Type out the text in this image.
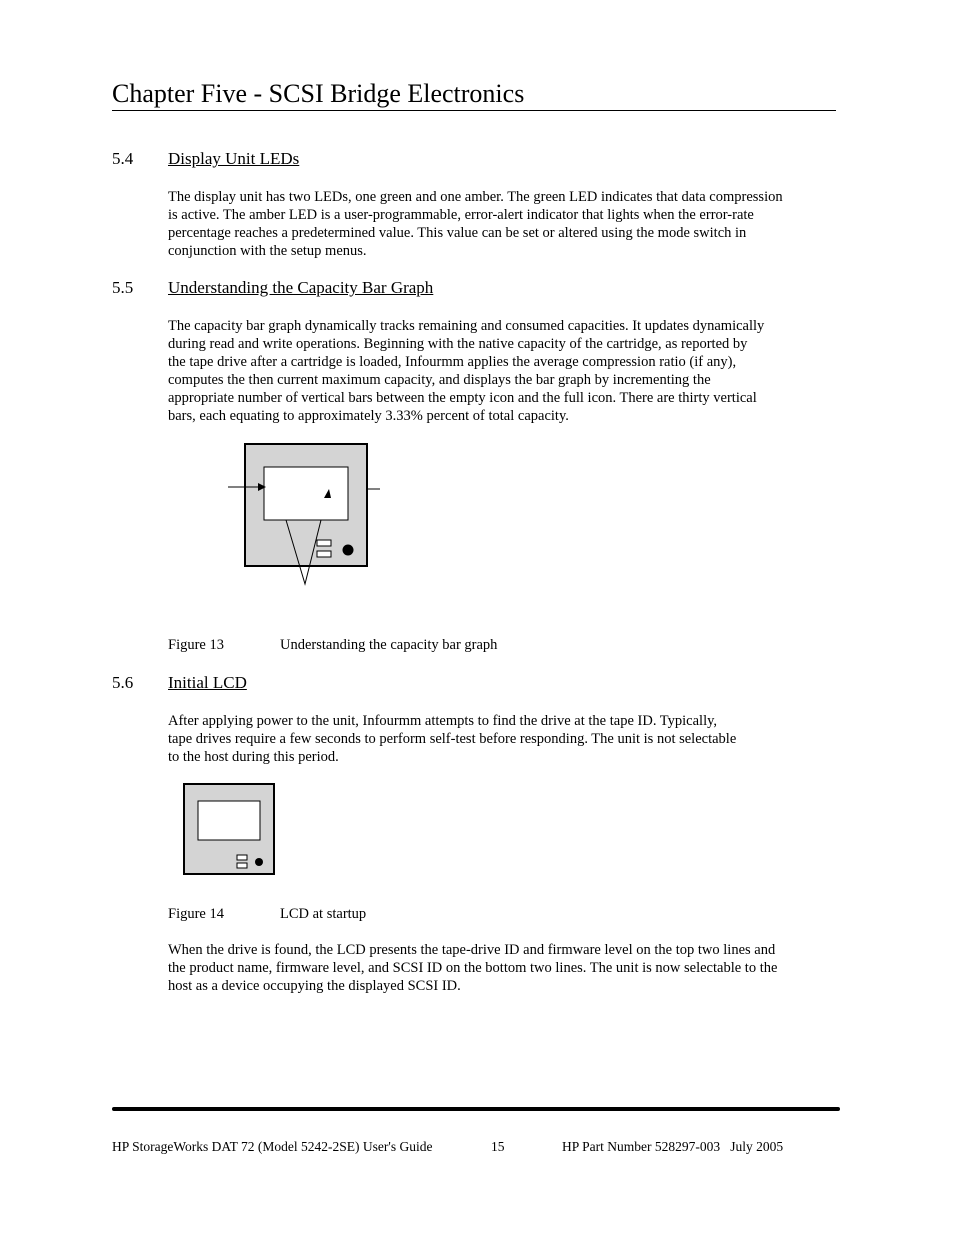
Chapter Five - SCSI Bridge Electronics
5.4 Display Unit LEDs
The display unit has two LEDs, one green and one amber. The green LED indicates that data compression
is active. The amber LED is a user-programmable, error-alert indicator that lights when the error-rate
percentage reaches a predetermined value. This value can be set or altered using the mode switch in
conjunction with the setup menus.
5.5 Understanding the Capacity Bar Graph
The capacity bar graph dynamically tracks remaining and consumed capacities. It updates dynamically
during read and write operations. Beginning with the native capacity of the cartridge, as reported by
the tape drive after a cartridge is loaded, Infourmm applies the average compression ratio (if any),
computes the then current maximum capacity, and displays the bar graph by incrementing the
appropriate number of vertical bars between the empty icon and the full icon. There are thirty vertical
bars, each equating to approximately 3.33% percent of total capacity.
Figure 13	Understanding the capacity bar graph
5.6 Initial LCD
After applying power to the unit, Infourmm attempts to find the drive at the tape ID. Typically,
tape drives require a few seconds to perform self-test before responding. The unit is not selectable
to the host during this period.
Figure 14	LCD at startup
When the drive is found, the LCD presents the tape-drive ID and firmware level on the top two lines and
the product name, firmware level, and SCSI ID on the bottom two lines. The unit is now selectable to the
host as a device occupying the displayed SCSI ID.
HP StorageWorks DAT 72 (Model 5242-2SE) User's Guide	15	HP Part Number 528297-003   July 2005
